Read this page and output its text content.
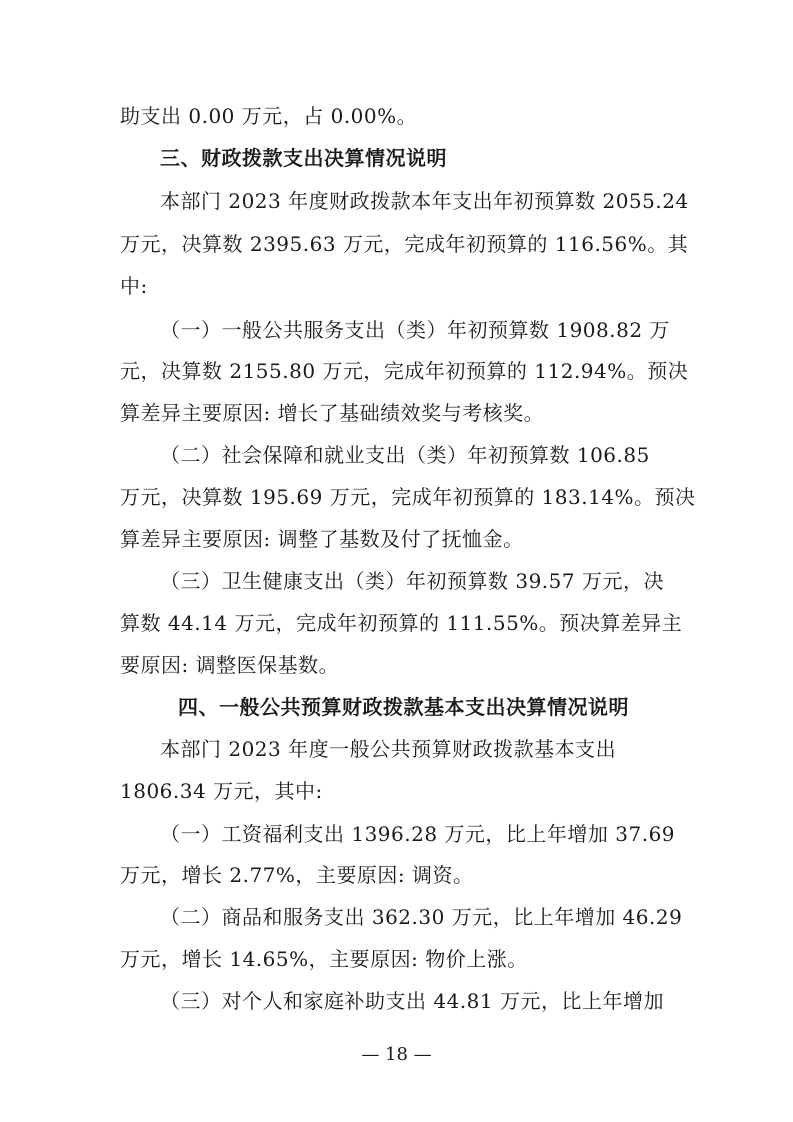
助支出 0.00 万元，占 0.00%。
三、财政拨款支出决算情况说明
本部门 2023 年度财政拨款本年支出年初预算数 2055.24
万元，决算数 2395.63 万元，完成年初预算的 116.56%。其
中:
（一）一般公共服务支出（类）年初预算数 1908.82 万
元，决算数 2155.80 万元，完成年初预算的 112.94%。预决
算差异主要原因: 增长了基础绩效奖与考核奖。
（二）社会保障和就业支出（类）年初预算数 106.85
万元，决算数 195.69 万元，完成年初预算的 183.14%。预决
算差异主要原因: 调整了基数及付了抚恤金。
（三）卫生健康支出（类）年初预算数 39.57 万元，决
算数 44.14 万元，完成年初预算的 111.55%。预决算差异主
要原因: 调整医保基数。
四、一般公共预算财政拨款基本支出决算情况说明
本部门 2023 年度一般公共预算财政拨款基本支出
1806.34 万元，其中:
（一）工资福利支出 1396.28 万元，比上年增加 37.69
万元，增长 2.77%，主要原因: 调资。
（二）商品和服务支出 362.30 万元，比上年增加 46.29
万元，增长 14.65%，主要原因: 物价上涨。
（三）对个人和家庭补助支出 44.81 万元，比上年增加
— 18 —
